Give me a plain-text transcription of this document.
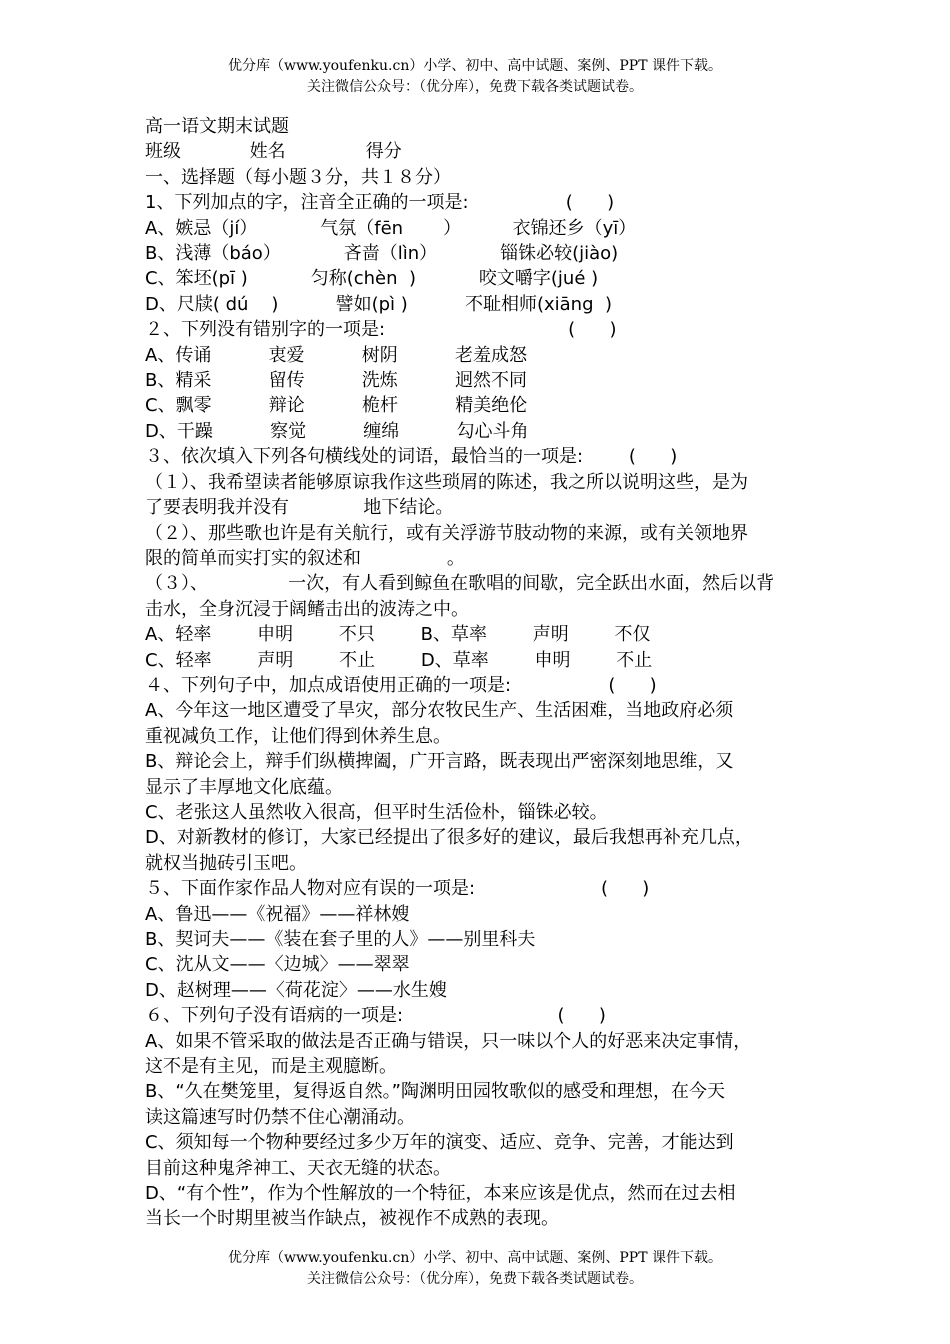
优分库（www.youfenku.cn）小学、初中、高中试题、案例、PPT 课件下载。
关注微信公众号：（优分库），免费下载各类试题试卷。
高一语文期末试题
班级            姓名              得分
一、选择题（每小题３分，共１８分）
1、下列加点的字，注音全正确的一项是:                 (      )
A、嫉忌（jí）           气氛（fēn       ）         衣锦还乡（yī）
B、浅薄（báo）           吝啬（lìn）           锱铢必较(jiào)
C、笨坯(pī )           匀称(chèn  )           咬文嚼字(jué )
D、尺牍( dú    )          譬如(pì )          不耻相师(xiāng  )
２、下列没有错别字的一项是:                                (      )
A、传诵          衷爱          树阴          老羞成怒
B、精采          留传          洗炼          迥然不同
C、飘零          辩论          桅杆          精美绝伦
D、干躁          察觉          缠绵          勾心斗角
３、依次填入下列各句横线处的词语，最恰当的一项是:        (      )
（１）、我希望读者能够原谅我作这些琐屑的陈述，我之所以说明这些，是为
了要表明我并没有             地下结论。
（２）、那些歌也许是有关航行，或有关浮游节肢动物的来源，或有关领地界
限的简单而实打实的叙述和               。
（３）、              一次，有人看到鲸鱼在歌唱的间歇，完全跃出水面，然后以背
击水，全身沉浸于阔鳍击出的波涛之中。
A、轻率        申明        不只        B、草率        声明        不仅
C、轻率        声明        不止        D、草率        申明        不止
４、下列句子中，加点成语使用正确的一项是:                 (      )
A、今年这一地区遭受了旱灾，部分农牧民生产、生活困难，当地政府必须
重视减负工作，让他们得到休养生息。
B、辩论会上，辩手们纵横捭阖，广开言路，既表现出严密深刻地思维，又
显示了丰厚地文化底蕴。
C、老张这人虽然收入很高，但平时生活俭朴，锱铢必较。
D、对新教材的修订，大家已经提出了很多好的建议，最后我想再补充几点，
就权当抛砖引玉吧。
５、下面作家作品人物对应有误的一项是:                      (      )
A、鲁迅——《祝福》——祥林嫂
B、契诃夫——《装在套子里的人》——别里科夫
C、沈从文——〈边城〉——翠翠
D、赵树理——〈荷花淀〉——水生嫂
６、下列句子没有语病的一项是:                           (      )
A、如果不管采取的做法是否正确与错误，只一味以个人的好恶来决定事情，
这不是有主见，而是主观臆断。
B、“久在樊笼里，复得返自然。”陶渊明田园牧歌似的感受和理想，在今天
读这篇速写时仍禁不住心潮涌动。
C、须知每一个物种要经过多少万年的演变、适应、竞争、完善，才能达到
目前这种鬼斧神工、天衣无缝的状态。
D、“有个性”，作为个性解放的一个特征，本来应该是优点，然而在过去相
当长一个时期里被当作缺点，被视作不成熟的表现。
优分库（www.youfenku.cn）小学、初中、高中试题、案例、PPT 课件下载。
关注微信公众号：（优分库），免费下载各类试题试卷。
